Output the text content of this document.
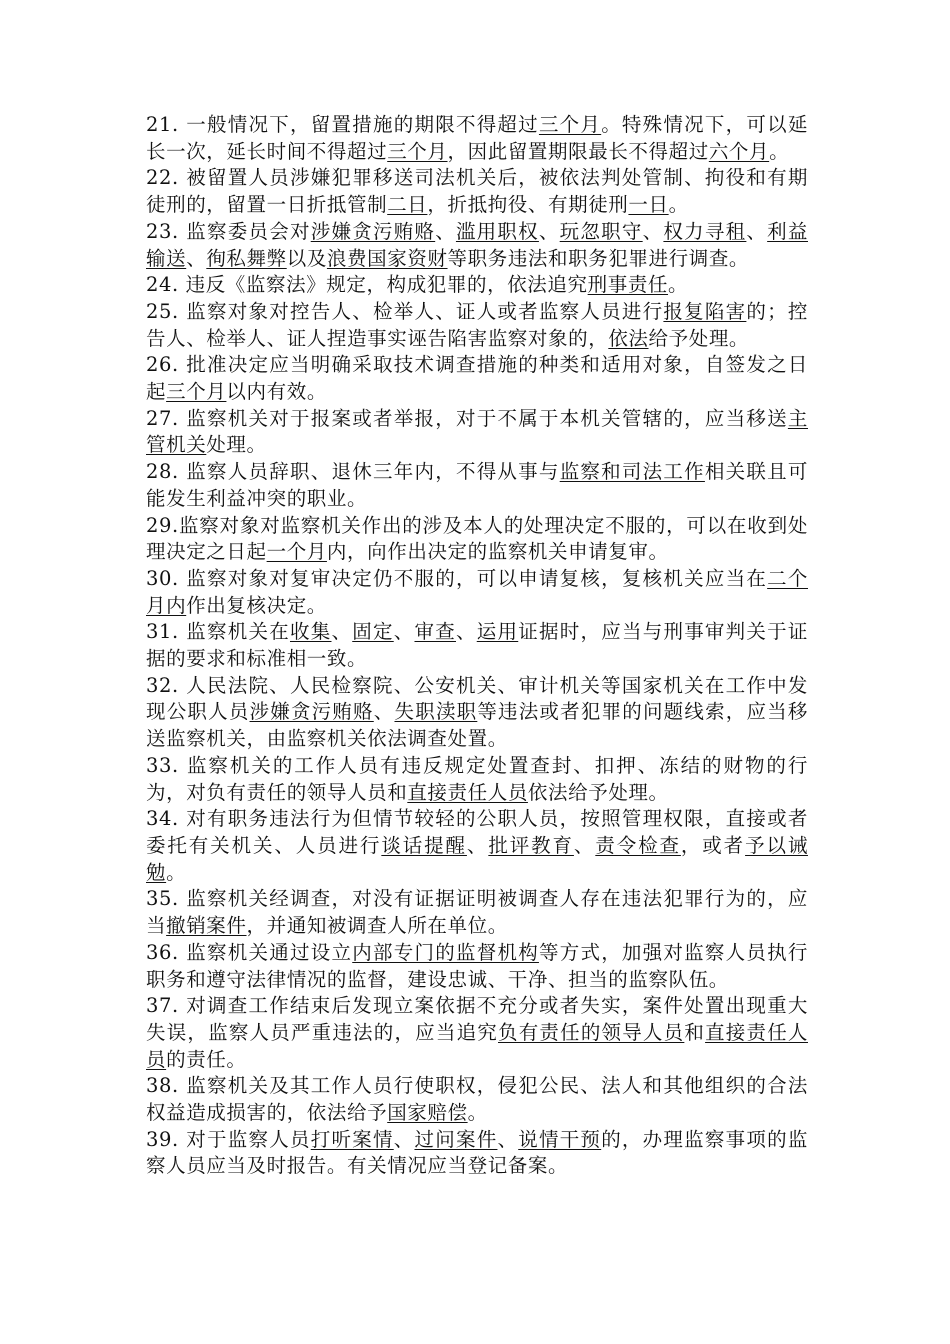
21. 一般情况下，留置措施的期限不得超过三个月。特殊情况下，可以延长一次，延长时间不得超过三个月，因此留置期限最长不得超过六个月。

22. 被留置人员涉嫌犯罪移送司法机关后，被依法判处管制、拘役和有期徒刑的，留置一日折抵管制二日，折抵拘役、有期徒刑一日。

23. 监察委员会对涉嫌贪污贿赂、滥用职权、玩忽职守、权力寻租、利益输送、徇私舞弊以及浪费国家资财等职务违法和职务犯罪进行调查。

24. 违反《监察法》规定，构成犯罪的，依法追究刑事责任。

25. 监察对象对控告人、检举人、证人或者监察人员进行报复陷害的；控告人、检举人、证人捏造事实诬告陷害监察对象的，依法给予处理。

26. 批准决定应当明确采取技术调查措施的种类和适用对象，自签发之日起三个月以内有效。

27. 监察机关对于报案或者举报，对于不属于本机关管辖的，应当移送主管机关处理。

28. 监察人员辞职、退休三年内，不得从事与监察和司法工作相关联且可能发生利益冲突的职业。

29.监察对象对监察机关作出的涉及本人的处理决定不服的，可以在收到处理决定之日起一个月内，向作出决定的监察机关申请复审。

30. 监察对象对复审决定仍不服的，可以申请复核，复核机关应当在二个月内作出复核决定。

31. 监察机关在收集、固定、审查、运用证据时，应当与刑事审判关于证据的要求和标准相一致。

32. 人民法院、人民检察院、公安机关、审计机关等国家机关在工作中发现公职人员涉嫌贪污贿赂、失职渎职等违法或者犯罪的问题线索，应当移送监察机关，由监察机关依法调查处置。

33. 监察机关的工作人员有违反规定处置查封、扣押、冻结的财物的行为，对负有责任的领导人员和直接责任人员依法给予处理。

34. 对有职务违法行为但情节较轻的公职人员，按照管理权限，直接或者委托有关机关、人员进行谈话提醒、批评教育、责令检查，或者予以诫勉。

35. 监察机关经调查，对没有证据证明被调查人存在违法犯罪行为的，应当撤销案件，并通知被调查人所在单位。

36. 监察机关通过设立内部专门的监督机构等方式，加强对监察人员执行职务和遵守法律情况的监督，建设忠诚、干净、担当的监察队伍。

37. 对调查工作结束后发现立案依据不充分或者失实，案件处置出现重大失误，监察人员严重违法的，应当追究负有责任的领导人员和直接责任人员的责任。

38. 监察机关及其工作人员行使职权，侵犯公民、法人和其他组织的合法权益造成损害的，依法给予国家赔偿。

39. 对于监察人员打听案情、过问案件、说情干预的，办理监察事项的监察人员应当及时报告。有关情况应当登记备案。
